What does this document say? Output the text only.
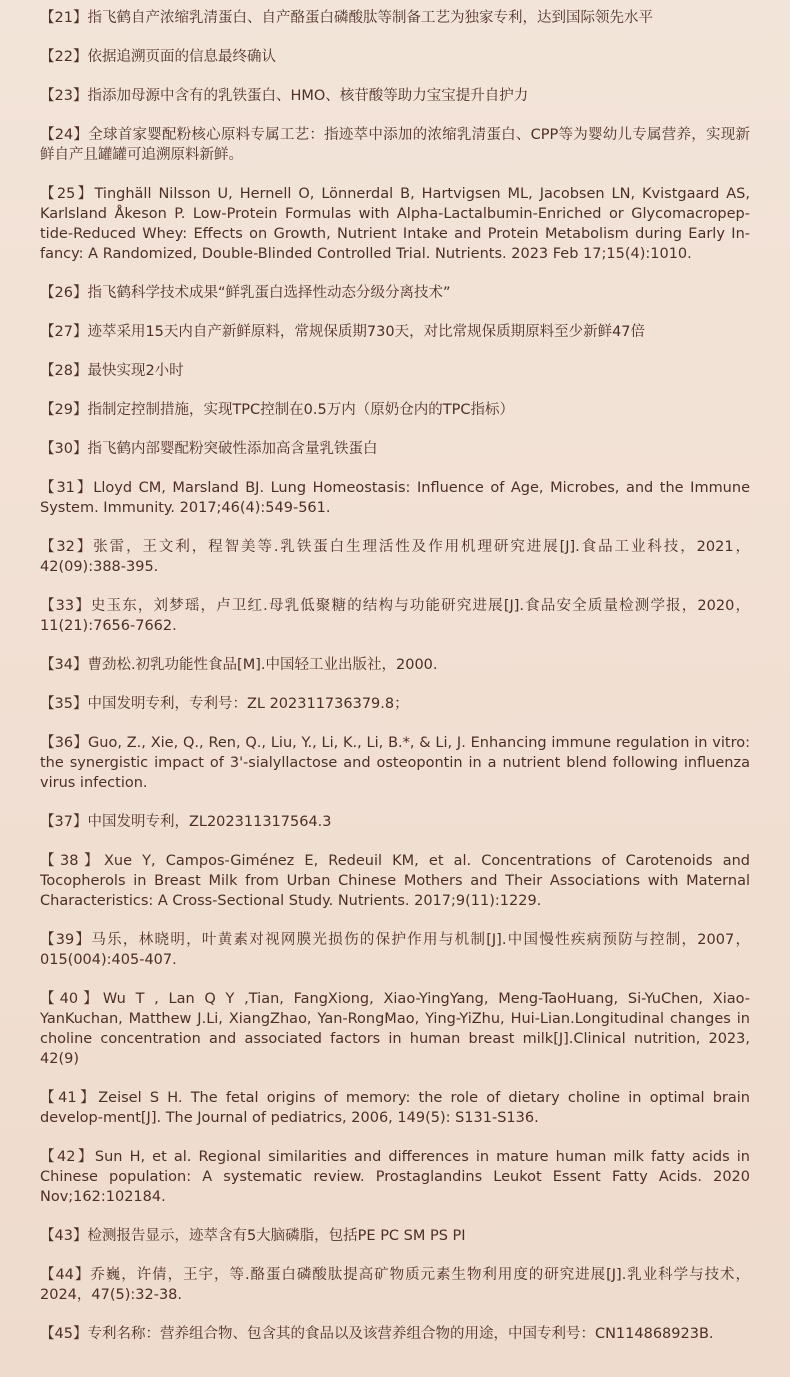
【21】指飞鹤自产浓缩乳清蛋白、自产酪蛋白磷酸肽等制备工艺为独家专利，达到国际领先水平

【22】依据追溯页面的信息最终确认

【23】指添加母源中含有的乳铁蛋白、HMO、核苷酸等助力宝宝提升自护力

【24】全球首家婴配粉核心原料专属工艺：指迹萃中添加的浓缩乳清蛋白、CPP等为婴幼儿专属营养，实现新鲜自产且罐罐可追溯原料新鲜。

【25】Tinghäll Nilsson U, Hernell O, Lönnerdal B, Hartvigsen ML, Jacobsen LN, Kvistgaard AS, Karlsland Åkeson P. Low-Protein Formulas with Alpha-Lactalbumin-Enriched or Glycomacropep-tide-Reduced Whey: Effects on Growth, Nutrient Intake and Protein Metabolism during Early In-fancy: A Randomized, Double-Blinded Controlled Trial. Nutrients. 2023 Feb 17;15(4):1010.

【26】指飞鹤科学技术成果“鲜乳蛋白选择性动态分级分离技术”

【27】迹萃采用15天内自产新鲜原料，常规保质期730天，对比常规保质期原料至少新鲜47倍

【28】最快实现2小时

【29】指制定控制措施，实现TPC控制在0.5万内（原奶仓内的TPC指标）

【30】指飞鹤内部婴配粉突破性添加高含量乳铁蛋白

【31】Lloyd CM, Marsland BJ. Lung Homeostasis: Influence of Age, Microbes, and the Immune System. Immunity. 2017;46(4):549-561.

【32】张雷，王文利，程智美等.乳铁蛋白生理活性及作用机理研究进展[J].食品工业科技，2021，42(09):388-395.

【33】史玉东，刘梦瑶，卢卫红.母乳低聚糖的结构与功能研究进展[J].食品安全质量检测学报，2020，11(21):7656-7662.

【34】曹劲松.初乳功能性食品[M].中国轻工业出版社，2000.

【35】中国发明专利，专利号：ZL 202311736379.8；

【36】Guo, Z., Xie, Q., Ren, Q., Liu, Y., Li, K., Li, B.*, & Li, J. Enhancing immune regulation in vitro: the synergistic impact of 3'-sialyllactose and osteopontin in a nutrient blend following influenza virus infection.

【37】中国发明专利，ZL202311317564.3

【38】Xue Y, Campos-Giménez E, Redeuil KM, et al. Concentrations of Carotenoids and Tocopherols in Breast Milk from Urban Chinese Mothers and Their Associations with Maternal Characteristics: A Cross-Sectional Study. Nutrients. 2017;9(11):1229.

【39】马乐，林晓明，叶黄素对视网膜光损伤的保护作用与机制[J].中国慢性疾病预防与控制，2007，015(004):405-407.

【40】Wu T , Lan Q Y ,Tian, FangXiong, Xiao-YingYang, Meng-TaoHuang, Si-YuChen, Xiao-YanKuchan, Matthew J.Li, XiangZhao, Yan-RongMao, Ying-YiZhu, Hui-Lian.Longitudinal changes in choline concentration and associated factors in human breast milk[J].Clinical nutrition, 2023, 42(9)

【41】Zeisel S H. The fetal origins of memory: the role of dietary choline in optimal brain develop-ment[J]. The Journal of pediatrics, 2006, 149(5): S131-S136.

【42】Sun H, et al. Regional similarities and differences in mature human milk fatty acids in Chinese population: A systematic review. Prostaglandins Leukot Essent Fatty Acids. 2020 Nov;162:102184.

【43】检测报告显示，迹萃含有5大脑磷脂，包括PE PC SM PS PI

【44】乔巍，许倩，王宇，等.酪蛋白磷酸肽提高矿物质元素生物利用度的研究进展[J].乳业科学与技术，2024，47(5):32-38.

【45】专利名称：营养组合物、包含其的食品以及该营养组合物的用途，中国专利号：CN114868923B.
